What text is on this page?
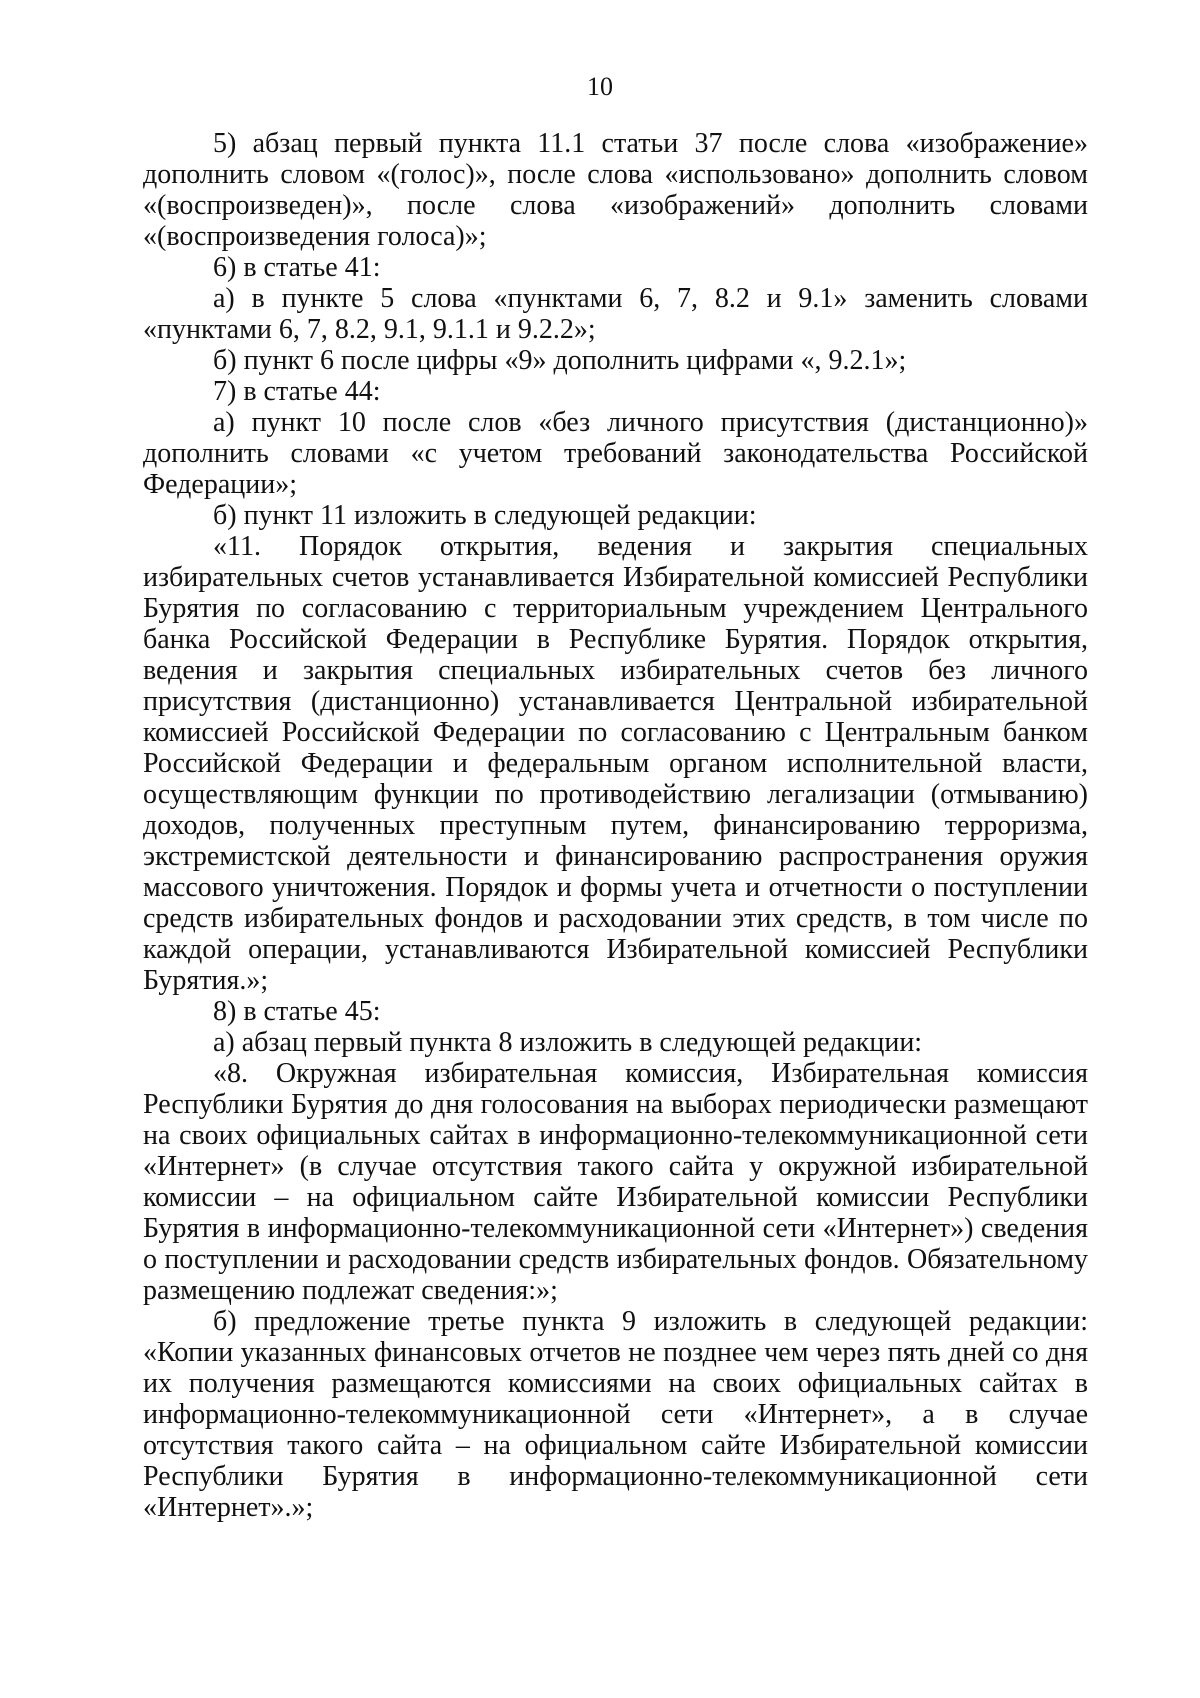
10

5) абзац первый пункта 11.1 статьи 37 после слова «изображение» дополнить словом «(голос)», после слова «использовано» дополнить словом «(воспроизведен)», после слова «изображений» дополнить словами «(воспроизведения голоса)»;

6) в статье 41:

а) в пункте 5 слова «пунктами 6, 7, 8.2 и 9.1» заменить словами «пунктами 6, 7, 8.2, 9.1, 9.1.1 и 9.2.2»;

б) пункт 6 после цифры «9» дополнить цифрами «, 9.2.1»;

7) в статье 44:

а) пункт 10 после слов «без личного присутствия (дистанционно)» дополнить словами «с учетом требований законодательства Российской Федерации»;

б) пункт 11 изложить в следующей редакции:

«11. Порядок открытия, ведения и закрытия специальных избирательных счетов устанавливается Избирательной комиссией Республики Бурятия по согласованию с территориальным учреждением Центрального банка Российской Федерации в Республике Бурятия. Порядок открытия, ведения и закрытия специальных избирательных счетов без личного присутствия (дистанционно) устанавливается Центральной избирательной комиссией Российской Федерации по согласованию с Центральным банком Российской Федерации и федеральным органом исполнительной власти, осуществляющим функции по противодействию легализации (отмыванию) доходов, полученных преступным путем, финансированию терроризма, экстремистской деятельности и финансированию распространения оружия массового уничтожения. Порядок и формы учета и отчетности о поступлении средств избирательных фондов и расходовании этих средств, в том числе по каждой операции, устанавливаются Избирательной комиссией Республики Бурятия.»;

8) в статье 45:

а) абзац первый пункта 8 изложить в следующей редакции:

«8. Окружная избирательная комиссия, Избирательная комиссия Республики Бурятия до дня голосования на выборах периодически размещают на своих официальных сайтах в информационно-телекоммуникационной сети «Интернет» (в случае отсутствия такого сайта у окружной избирательной комиссии – на официальном сайте Избирательной комиссии Республики Бурятия в информационно-телекоммуникационной сети «Интернет») сведения о поступлении и расходовании средств избирательных фондов. Обязательному размещению подлежат сведения:»;

б) предложение третье пункта 9 изложить в следующей редакции: «Копии указанных финансовых отчетов не позднее чем через пять дней со дня их получения размещаются комиссиями на своих официальных сайтах в информационно-телекоммуникационной сети «Интернет», а в случае отсутствия такого сайта – на официальном сайте Избирательной комиссии Республики Бурятия в информационно-телекоммуникационной сети «Интернет».»;
